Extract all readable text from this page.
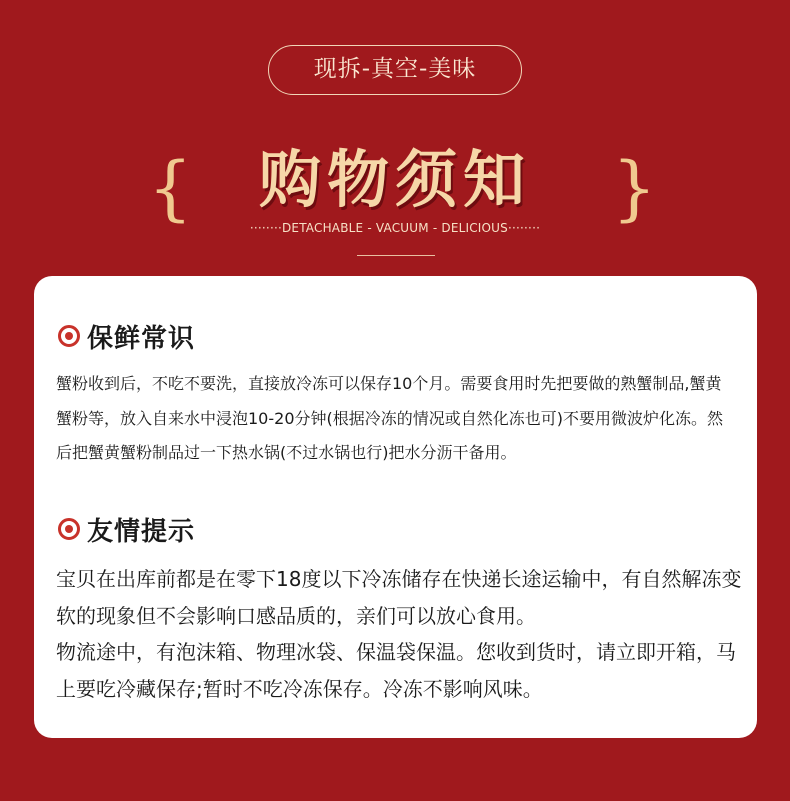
现拆-真空-美味
{	购物须知	}
········DETACHABLE - VACUUM - DELICIOUS········
保鲜常识

蟹粉收到后，不吃不要洗，直接放冷冻可以保存10个月。需要食用时先把要做的熟蟹制品,蟹黄蟹粉等，放入自来水中浸泡10-20分钟(根据冷冻的情况或自然化冻也可)不要用微波炉化冻。然后把蟹黄蟹粉制品过一下热水锅(不过水锅也行)把水分沥干备用。

友情提示

宝贝在出库前都是在零下18度以下冷冻储存在快递长途运输中，有自然解冻变软的现象但不会影响口感品质的，亲们可以放心食用。

物流途中，有泡沫箱、物理冰袋、保温袋保温。您收到货时，请立即开箱，马上要吃冷藏保存;暂时不吃冷冻保存。冷冻不影响风味。
